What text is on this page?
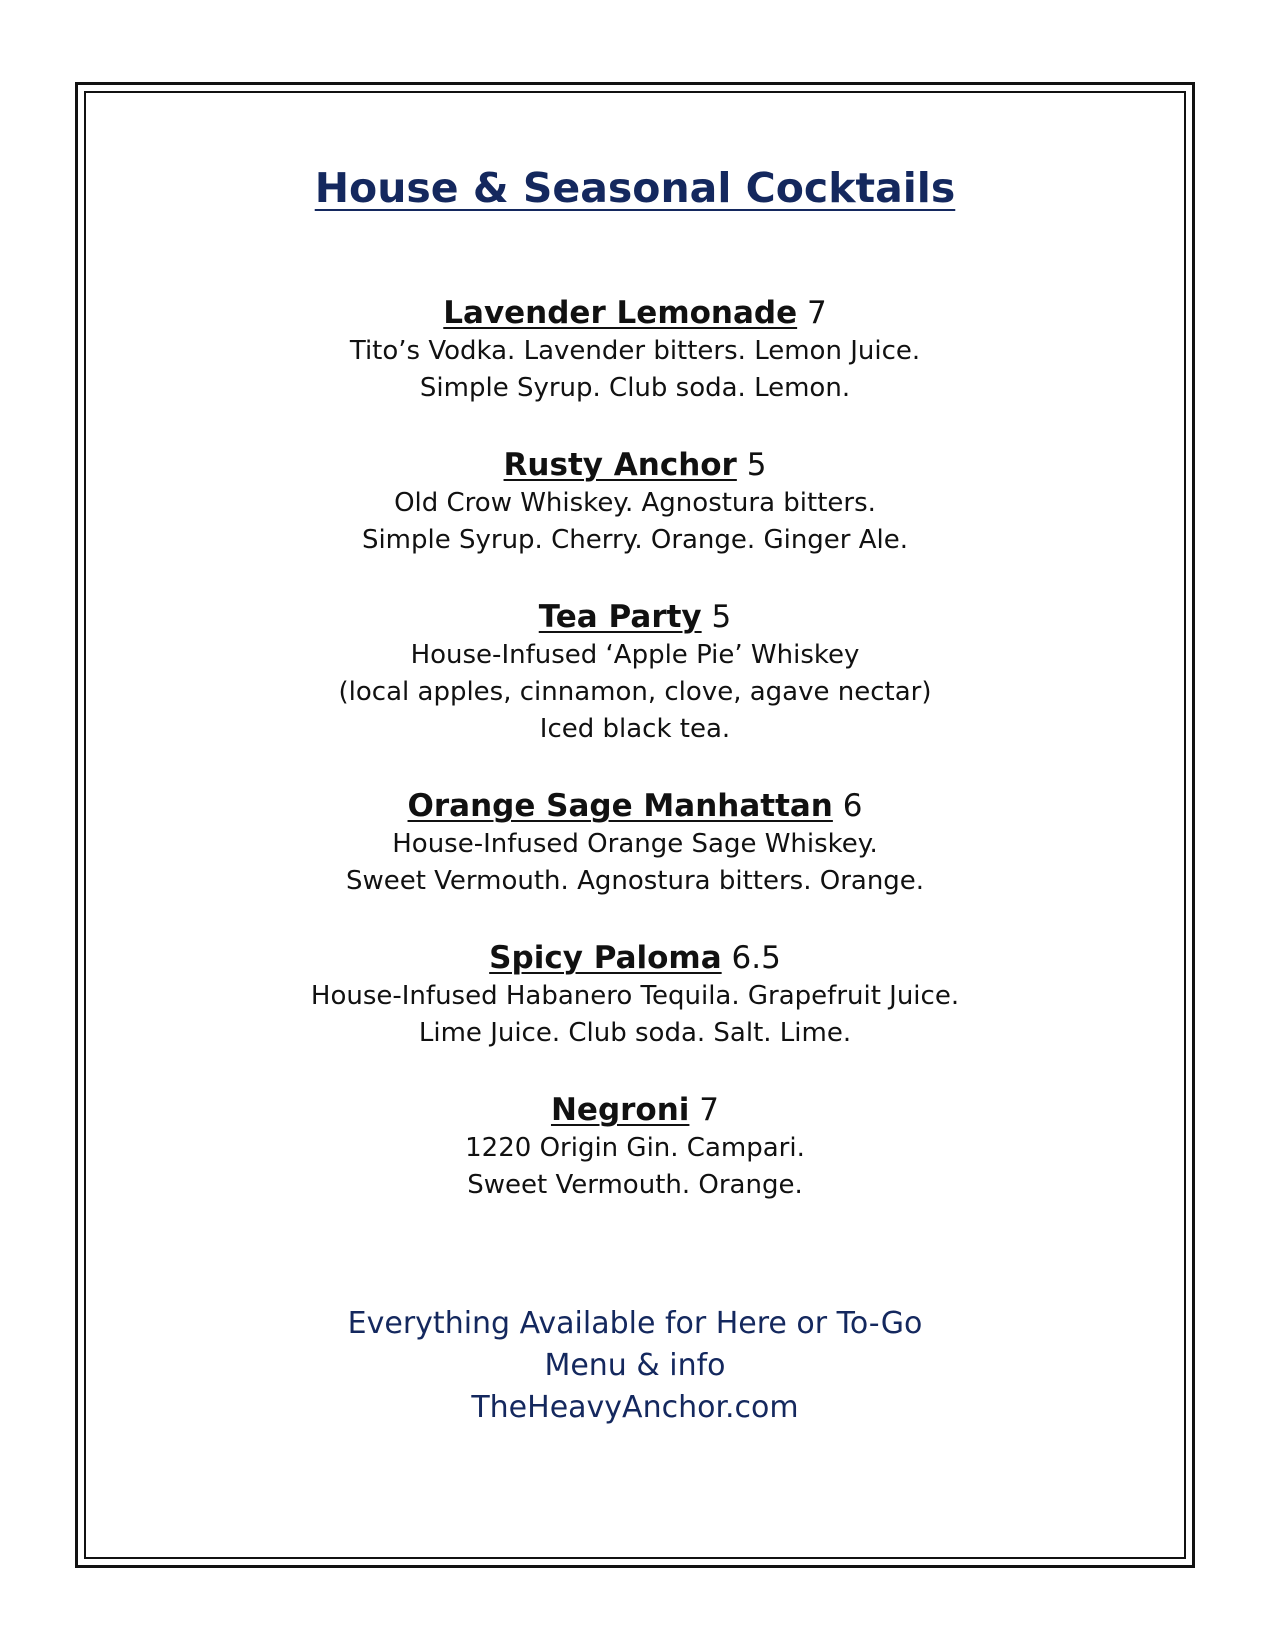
House & Seasonal Cocktails
Lavender Lemonade 7
Tito’s Vodka. Lavender bitters. Lemon Juice.
Simple Syrup. Club soda. Lemon.
Rusty Anchor 5
Old Crow Whiskey. Agnostura bitters.
Simple Syrup. Cherry. Orange. Ginger Ale.
Tea Party 5
House-Infused ‘Apple Pie’ Whiskey
(local apples, cinnamon, clove, agave nectar)
Iced black tea.
Orange Sage Manhattan 6
House-Infused Orange Sage Whiskey.
Sweet Vermouth. Agnostura bitters. Orange.
Spicy Paloma 6.5
House-Infused Habanero Tequila. Grapefruit Juice.
Lime Juice. Club soda. Salt. Lime.
Negroni 7
1220 Origin Gin. Campari.
Sweet Vermouth. Orange.
Everything Available for Here or To-Go
Menu & info
TheHeavyAnchor.com
